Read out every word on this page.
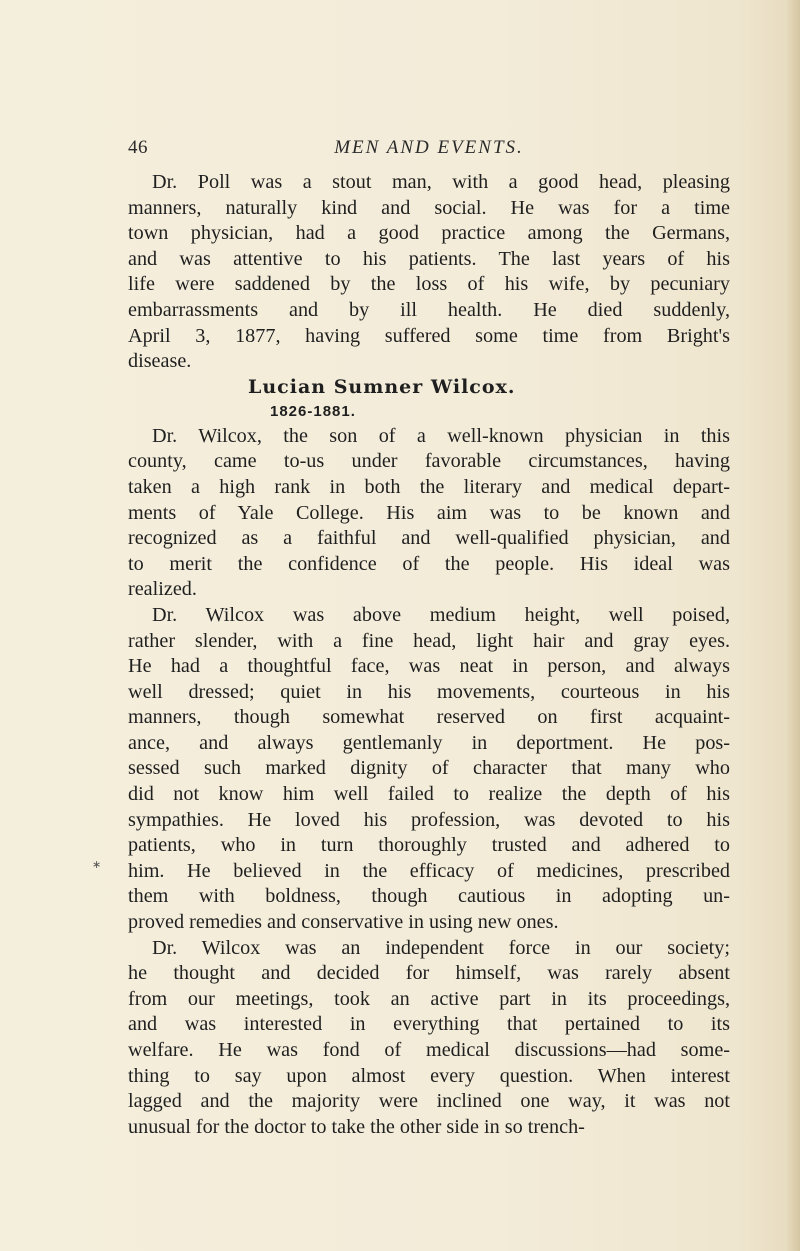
46	MEN AND EVENTS.
Dr. Poll was a stout man, with a good head, pleasing
manners, naturally kind and social. He was for a time
town physician, had a good practice among the Germans,
and was attentive to his patients. The last years of his
life were saddened by the loss of his wife, by pecuniary
embarrassments and by ill health. He died suddenly,
April 3, 1877, having suffered some time from Bright's
disease.
Lucian Sumner Wilcox.
1826-1881.
Dr. Wilcox, the son of a well-known physician in this
county, came to-us under favorable circumstances, having
taken a high rank in both the literary and medical depart-
ments of Yale College. His aim was to be known and
recognized as a faithful and well-qualified physician, and
to merit the confidence of the people. His ideal was
realized.
Dr. Wilcox was above medium height, well poised,
rather slender, with a fine head, light hair and gray eyes.
He had a thoughtful face, was neat in person, and always
well dressed; quiet in his movements, courteous in his
manners, though somewhat reserved on first acquaint-
ance, and always gentlemanly in deportment. He pos-
sessed such marked dignity of character that many who
did not know him well failed to realize the depth of his
sympathies. He loved his profession, was devoted to his
patients, who in turn thoroughly trusted and adhered to
him. He believed in the efficacy of medicines, prescribed
them with boldness, though cautious in adopting un-
proved remedies and conservative in using new ones.
Dr. Wilcox was an independent force in our society;
he thought and decided for himself, was rarely absent
from our meetings, took an active part in its proceedings,
and was interested in everything that pertained to its
welfare. He was fond of medical discussions—had some-
thing to say upon almost every question. When interest
lagged and the majority were inclined one way, it was not
unusual for the doctor to take the other side in so trench-
∗
